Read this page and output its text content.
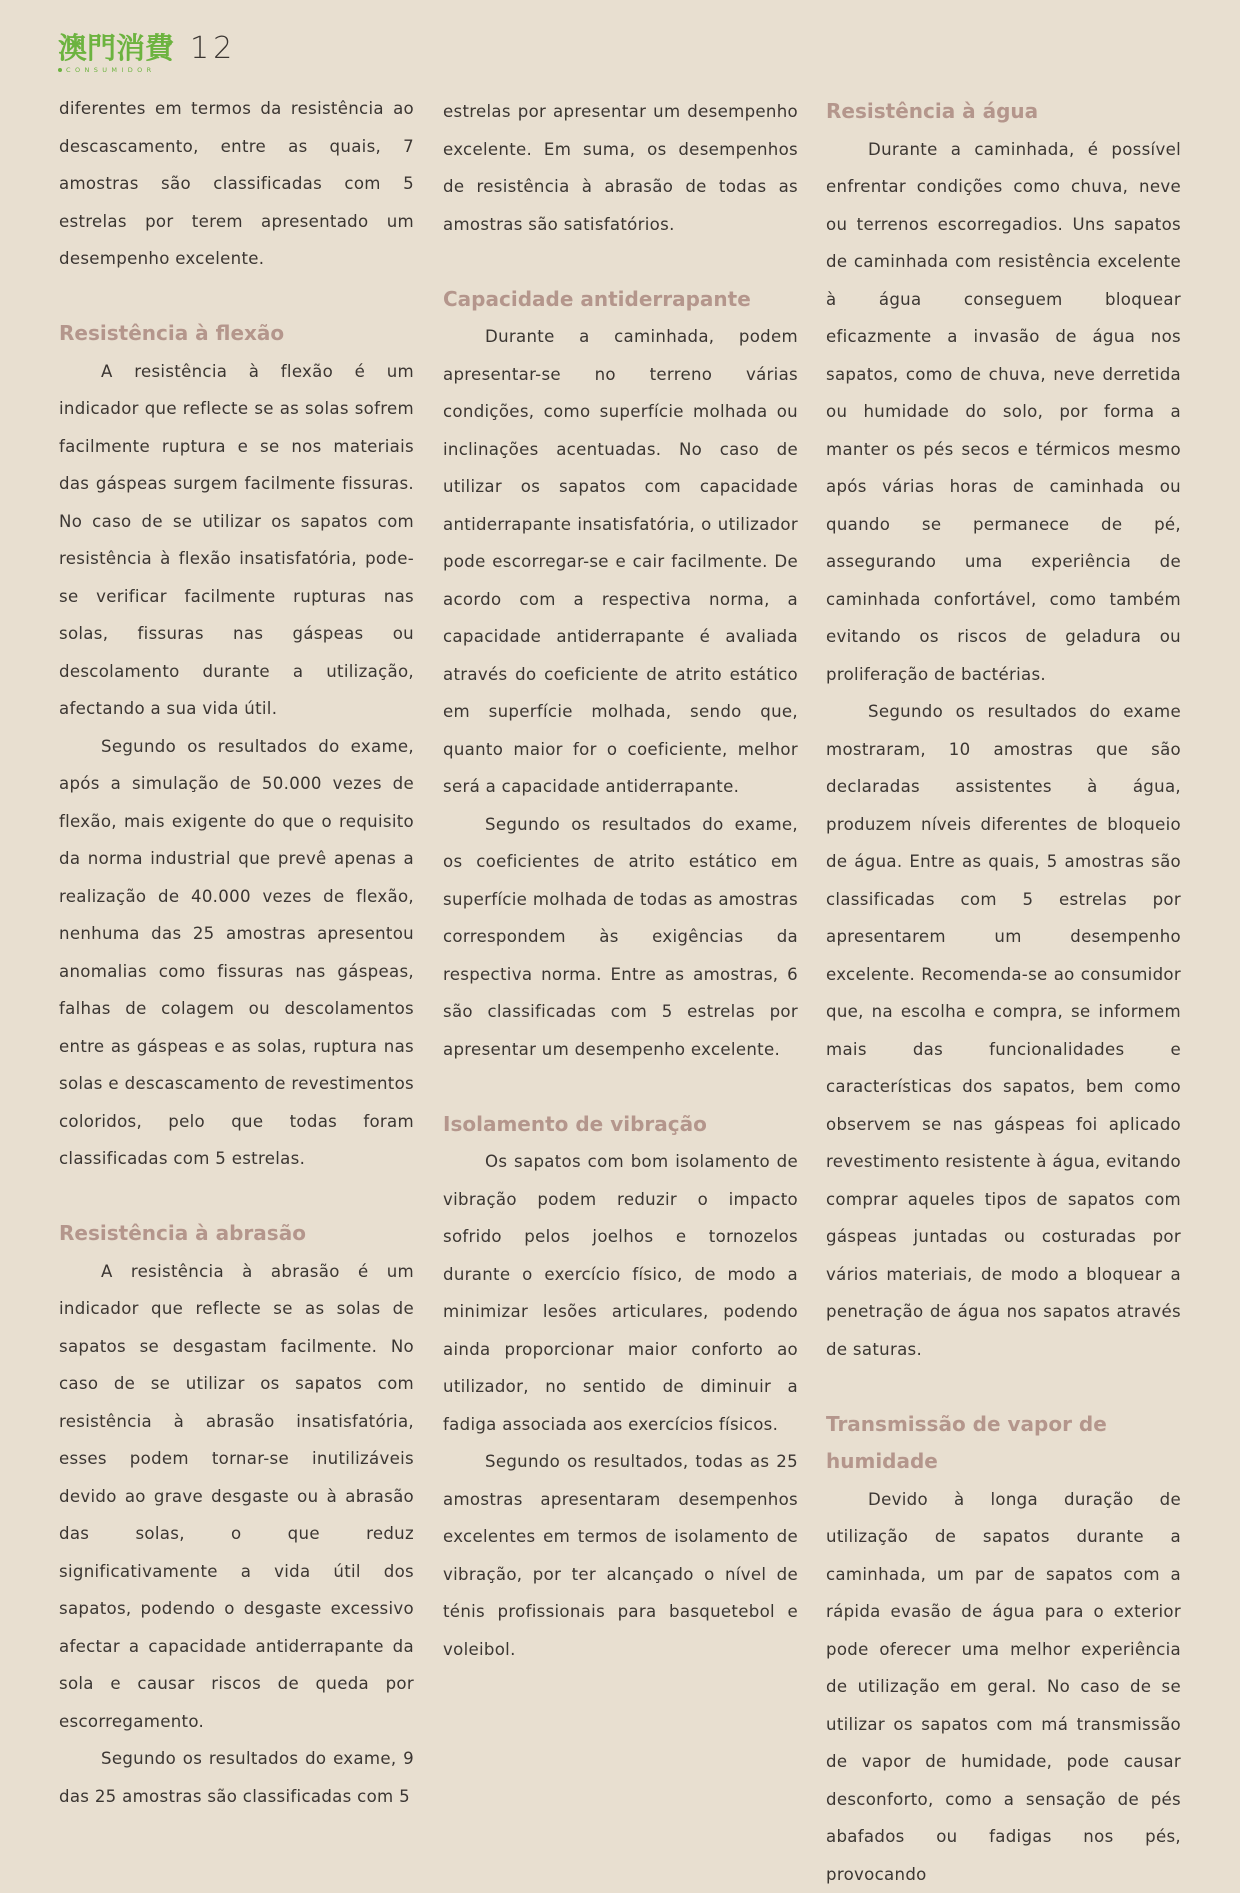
澳門消費
CONSUMIDOR
12

diferentes em termos da resistência ao descascamento, entre as quais, 7 amostras são classificadas com 5 estrelas por terem apresentado um desempenho excelente.

Resistência à flexão

A resistência à flexão é um indicador que reflecte se as solas sofrem facilmente ruptura e se nos materiais das gáspeas surgem facilmente fissuras. No caso de se utilizar os sapatos com resistência à flexão insatisfatória, pode-se verificar facilmente rupturas nas solas, fissuras nas gáspeas ou descolamento durante a utilização, afectando a sua vida útil.

Segundo os resultados do exame, após a simulação de 50.000 vezes de flexão, mais exigente do que o requisito da norma industrial que prevê apenas a realização de 40.000 vezes de flexão, nenhuma das 25 amostras apresentou anomalias como fissuras nas gáspeas, falhas de colagem ou descolamentos entre as gáspeas e as solas, ruptura nas solas e descascamento de revestimentos coloridos, pelo que todas foram classificadas com 5 estrelas.

Resistência à abrasão

A resistência à abrasão é um indicador que reflecte se as solas de sapatos se desgastam facilmente. No caso de se utilizar os sapatos com resistência à abrasão insatisfatória, esses podem tornar-se inutilizáveis devido ao grave desgaste ou à abrasão das solas, o que reduz significativamente a vida útil dos sapatos, podendo o desgaste excessivo afectar a capacidade antiderrapante da sola e causar riscos de queda por escorregamento.

Segundo os resultados do exame, 9 das 25 amostras são classificadas com 5

estrelas por apresentar um desempenho excelente. Em suma, os desempenhos de resistência à abrasão de todas as amostras são satisfatórios.

Capacidade antiderrapante

Durante a caminhada, podem apresentar-se no terreno várias condições, como superfície molhada ou inclinações acentuadas. No caso de utilizar os sapatos com capacidade antiderrapante insatisfatória, o utilizador pode escorregar-se e cair facilmente. De acordo com a respectiva norma, a capacidade antiderrapante é avaliada através do coeficiente de atrito estático em superfície molhada, sendo que, quanto maior for o coeficiente, melhor será a capacidade antiderrapante.

Segundo os resultados do exame, os coeficientes de atrito estático em superfície molhada de todas as amostras correspondem às exigências da respectiva norma. Entre as amostras, 6 são classificadas com 5 estrelas por apresentar um desempenho excelente.

Isolamento de vibração

Os sapatos com bom isolamento de vibração podem reduzir o impacto sofrido pelos joelhos e tornozelos durante o exercício físico, de modo a minimizar lesões articulares, podendo ainda proporcionar maior conforto ao utilizador, no sentido de diminuir a fadiga associada aos exercícios físicos.

Segundo os resultados, todas as 25 amostras apresentaram desempenhos excelentes em termos de isolamento de vibração, por ter alcançado o nível de ténis profissionais para basquetebol e voleibol.

Resistência à água

Durante a caminhada, é possível enfrentar condições como chuva, neve ou terrenos escorregadios. Uns sapatos de caminhada com resistência excelente à água conseguem bloquear eficazmente a invasão de água nos sapatos, como de chuva, neve derretida ou humidade do solo, por forma a manter os pés secos e térmicos mesmo após várias horas de caminhada ou quando se permanece de pé, assegurando uma experiência de caminhada confortável, como também evitando os riscos de geladura ou proliferação de bactérias.

Segundo os resultados do exame mostraram, 10 amostras que são declaradas assistentes à água, produzem níveis diferentes de bloqueio de água. Entre as quais, 5 amostras são classificadas com 5 estrelas por apresentarem um desempenho excelente. Recomenda-se ao consumidor que, na escolha e compra, se informem mais das funcionalidades e características dos sapatos, bem como observem se nas gáspeas foi aplicado revestimento resistente à água, evitando comprar aqueles tipos de sapatos com gáspeas juntadas ou costuradas por vários materiais, de modo a bloquear a penetração de água nos sapatos através de saturas.

Transmissão de vapor de humidade

Devido à longa duração de utilização de sapatos durante a caminhada, um par de sapatos com a rápida evasão de água para o exterior pode oferecer uma melhor experiência de utilização em geral. No caso de se utilizar os sapatos com má transmissão de vapor de humidade, pode causar desconforto, como a sensação de pés abafados ou fadigas nos pés, provocando
